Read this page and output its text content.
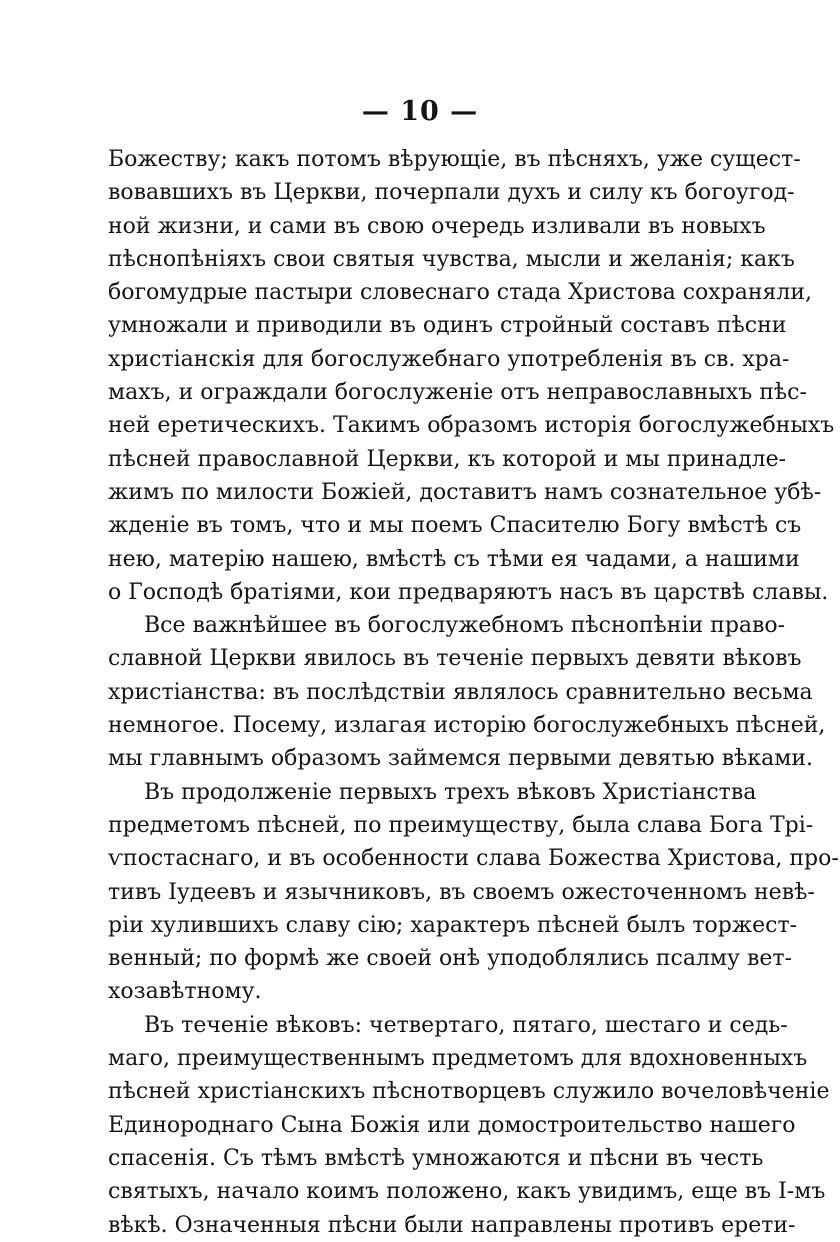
— 10 —
Божеству; какъ потомъ вѣрующіе, въ пѣсняхъ, уже сущест-
вовавшихъ въ Церкви, почерпали духъ и силу къ богоугод-
ной жизни, и сами въ свою очередь изливали въ новыхъ
пѣснопѣніяхъ свои святыя чувства, мысли и желанія; какъ
богомудрые пастыри словеснаго стада Христова сохраняли,
умножали и приводили въ одинъ стройный составъ пѣсни
христіанскія для богослужебнаго употребленія въ св. хра-
махъ, и ограждали богослуженіе отъ неправославныхъ пѣс-
ней еретическихъ. Такимъ образомъ исторія богослужебныхъ
пѣсней православной Церкви, къ которой и мы принадле-
жимъ по милости Божіей, доставитъ намъ сознательное убѣ-
жденіе въ томъ, что и мы поемъ Спасителю Богу вмѣстѣ съ
нею, матерію нашею, вмѣстѣ съ тѣми ея чадами, а нашими
о Господѣ братіями, кои предваряютъ насъ въ царствѣ славы.
Все важнѣйшее въ богослужебномъ пѣснопѣніи право-
славной Церкви явилось въ теченіе первыхъ девяти вѣковъ
христіанства: въ послѣдствіи являлось сравнительно весьма
немногое. Посему, излагая исторію богослужебныхъ пѣсней,
мы главнымъ образомъ займемся первыми девятью вѣками.
Въ продолженіе первыхъ трехъ вѣковъ Христіанства
предметомъ пѣсней, по преимуществу, была слава Бога Трі-
ѵпостаснаго, и въ особенности слава Божества Христова, про-
тивъ Іудеевъ и язычниковъ, въ своемъ ожесточенномъ невѣ-
ріи хулившихъ славу сію; характеръ пѣсней былъ торжест-
венный; по формѣ же своей онѣ уподоблялись псалму вет-
хозавѣтному.
Въ теченіе вѣковъ: четвертаго, пятаго, шестаго и седь-
маго, преимущественнымъ предметомъ для вдохновенныхъ
пѣсней христіанскихъ пѣснотворцевъ служило вочеловѣченіе
Единороднаго Сына Божія или домостроительство нашего
спасенія. Съ тѣмъ вмѣстѣ умножаются и пѣсни въ честь
святыхъ, начало коимъ положено, какъ увидимъ, еще въ I-мъ
вѣкѣ. Означенныя пѣсни были направлены противъ ерети-
